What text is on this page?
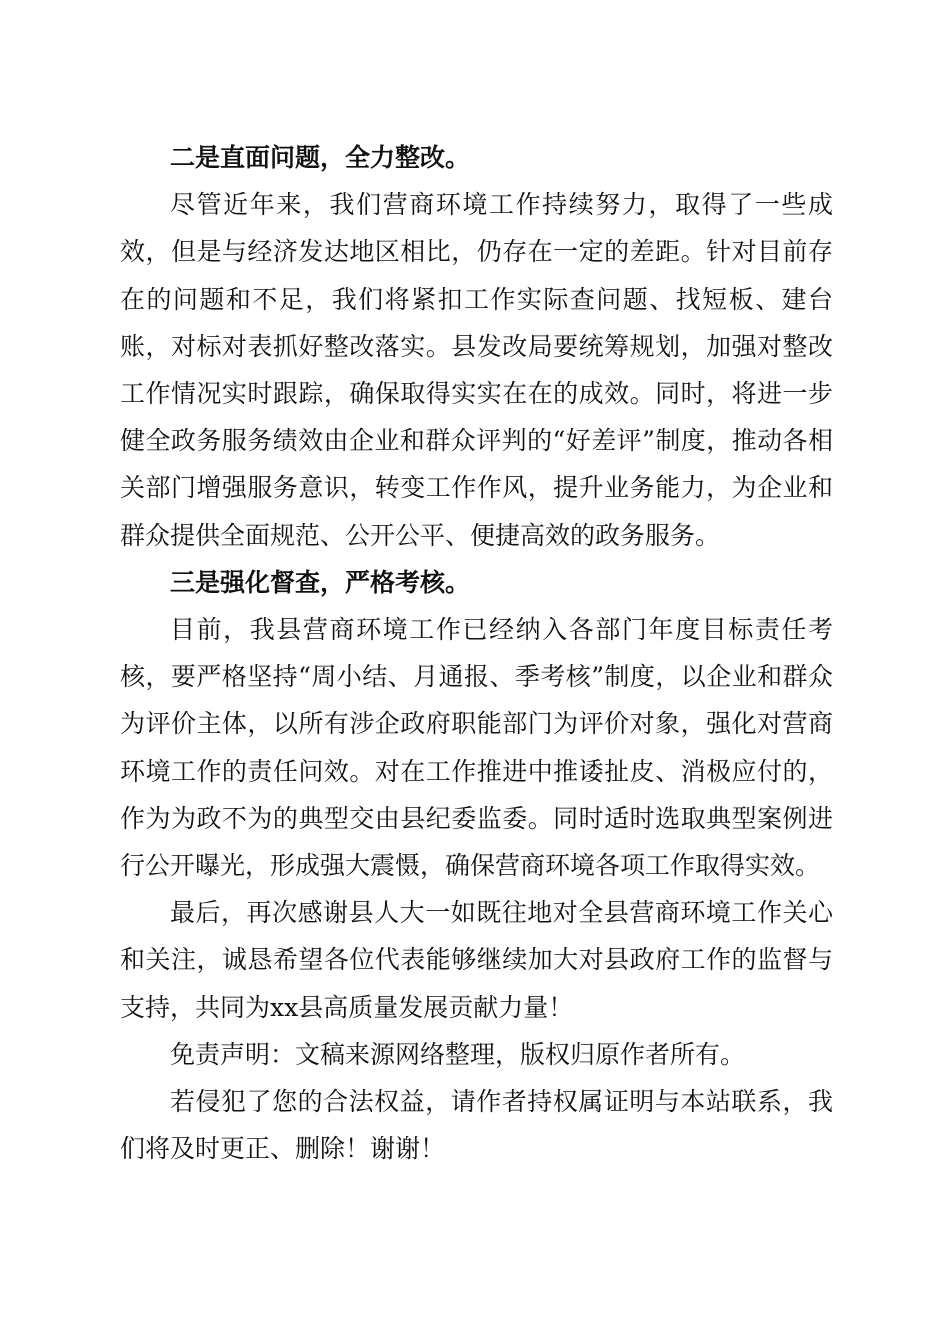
二是直面问题，全力整改。

尽管近年来，我们营商环境工作持续努力，取得了一些成效，但是与经济发达地区相比，仍存在一定的差距。针对目前存在的问题和不足，我们将紧扣工作实际查问题、找短板、建台账，对标对表抓好整改落实。县发改局要统筹规划，加强对整改工作情况实时跟踪，确保取得实实在在的成效。同时，将进一步健全政务服务绩效由企业和群众评判的“好差评”制度，推动各相关部门增强服务意识，转变工作作风，提升业务能力，为企业和群众提供全面规范、公开公平、便捷高效的政务服务。

三是强化督查，严格考核。

目前，我县营商环境工作已经纳入各部门年度目标责任考核，要严格坚持“周小结、月通报、季考核”制度，以企业和群众为评价主体，以所有涉企政府职能部门为评价对象，强化对营商环境工作的责任问效。对在工作推进中推诿扯皮、消极应付的，作为为政不为的典型交由县纪委监委。同时适时选取典型案例进行公开曝光，形成强大震慑，确保营商环境各项工作取得实效。

最后，再次感谢县人大一如既往地对全县营商环境工作关心和关注，诚恳希望各位代表能够继续加大对县政府工作的监督与支持，共同为xx县高质量发展贡献力量！

免责声明：文稿来源网络整理，版权归原作者所有。

若侵犯了您的合法权益，请作者持权属证明与本站联系，我们将及时更正、删除！谢谢！
